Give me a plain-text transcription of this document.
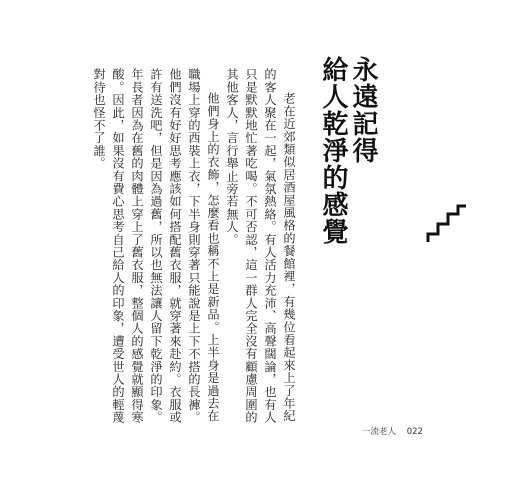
老在近郊類似居酒屋風格的餐館裡，有幾位看起來上了年紀的客人聚在一起，氣氛熱絡。有人活力充沛、高聲闊論，也有人只是默默地忙著吃喝。不可否認，這一群人完全沒有顧慮周圍的其他客人，言行舉止旁若無人。

他們身上的衣飾，怎麼看也稱不上是新品。上半身是過去在職場上穿的西裝上衣，下半身則穿著只能說是上下不搭的長褲。他們沒有好好思考應該如何搭配舊衣服，就穿著來赴約。衣服或許有送洗吧，但是因為過舊，所以也無法讓人留下乾淨的印象。年長者因為在舊的肉體上穿上了舊衣服，整個人的感覺就顯得寒酸。因此，如果沒有費心思考自己給人的印象，遭受世人的輕蔑對待也怪不了誰。	永遠記得
給人乾淨的感覺
一流老人 022
